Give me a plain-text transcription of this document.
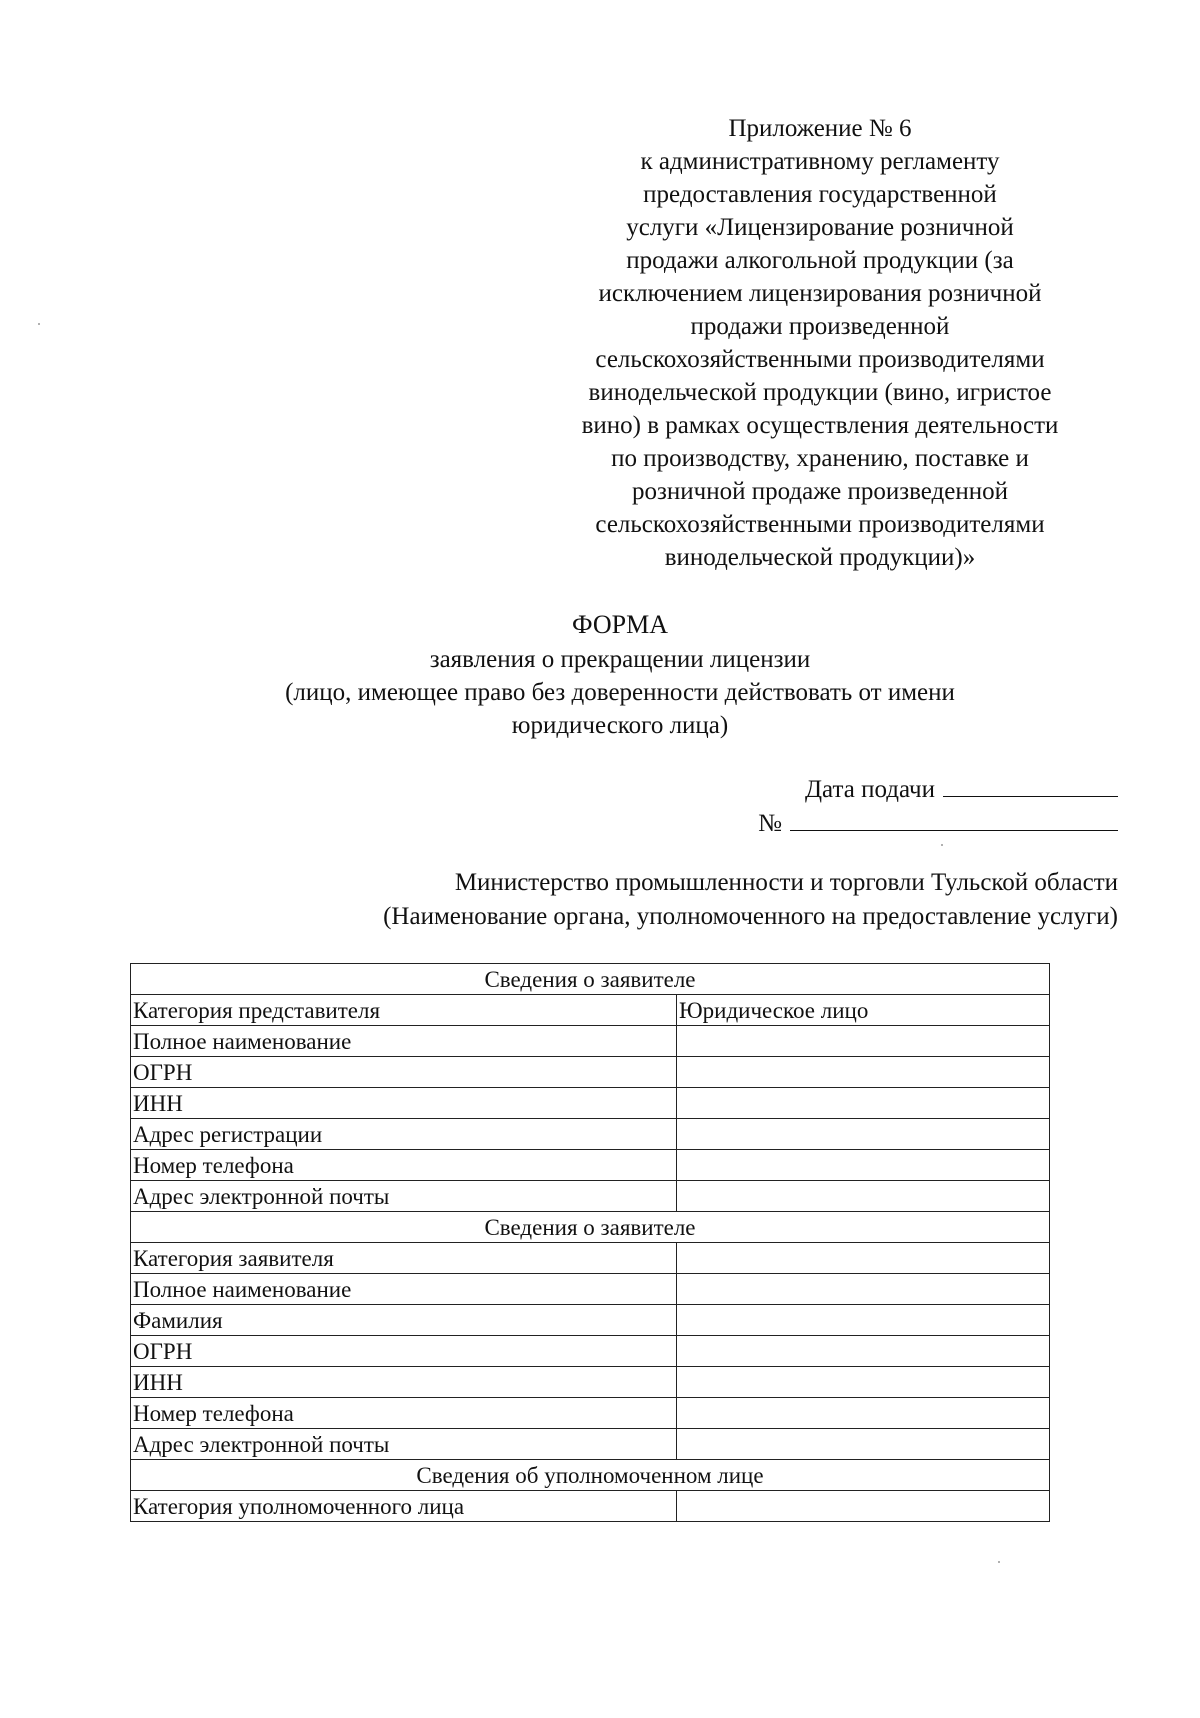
Приложение № 6
к административному регламенту
предоставления государственной
услуги «Лицензирование розничной
продажи алкогольной продукции (за
исключением лицензирования розничной
продажи произведенной
сельскохозяйственными производителями
винодельческой продукции (вино, игристое
вино) в рамках осуществления деятельности
по производству, хранению, поставке и
розничной продаже произведенной
сельскохозяйственными производителями
винодельческой продукции)»
ФОРМА
заявления о прекращении лицензии
(лицо, имеющее право без доверенности действовать от имени
юридического лица)
Дата подачи
№
Министерство промышленности и торговли Тульской области
(Наименование органа, уполномоченного на предоставление услуги)
Сведения о заявителе	
Категория представителя	Юридическое лицо
Полное наименование	
ОГРН	
ИНН	
Адрес регистрации	
Номер телефона	
Адрес электронной почты	
Сведения о заявителе	
Категория заявителя	
Полное наименование	
Фамилия	
ОГРН	
ИНН	
Номер телефона	
Адрес электронной почты	
Сведения об уполномоченном лице	
Категория уполномоченного лица	
